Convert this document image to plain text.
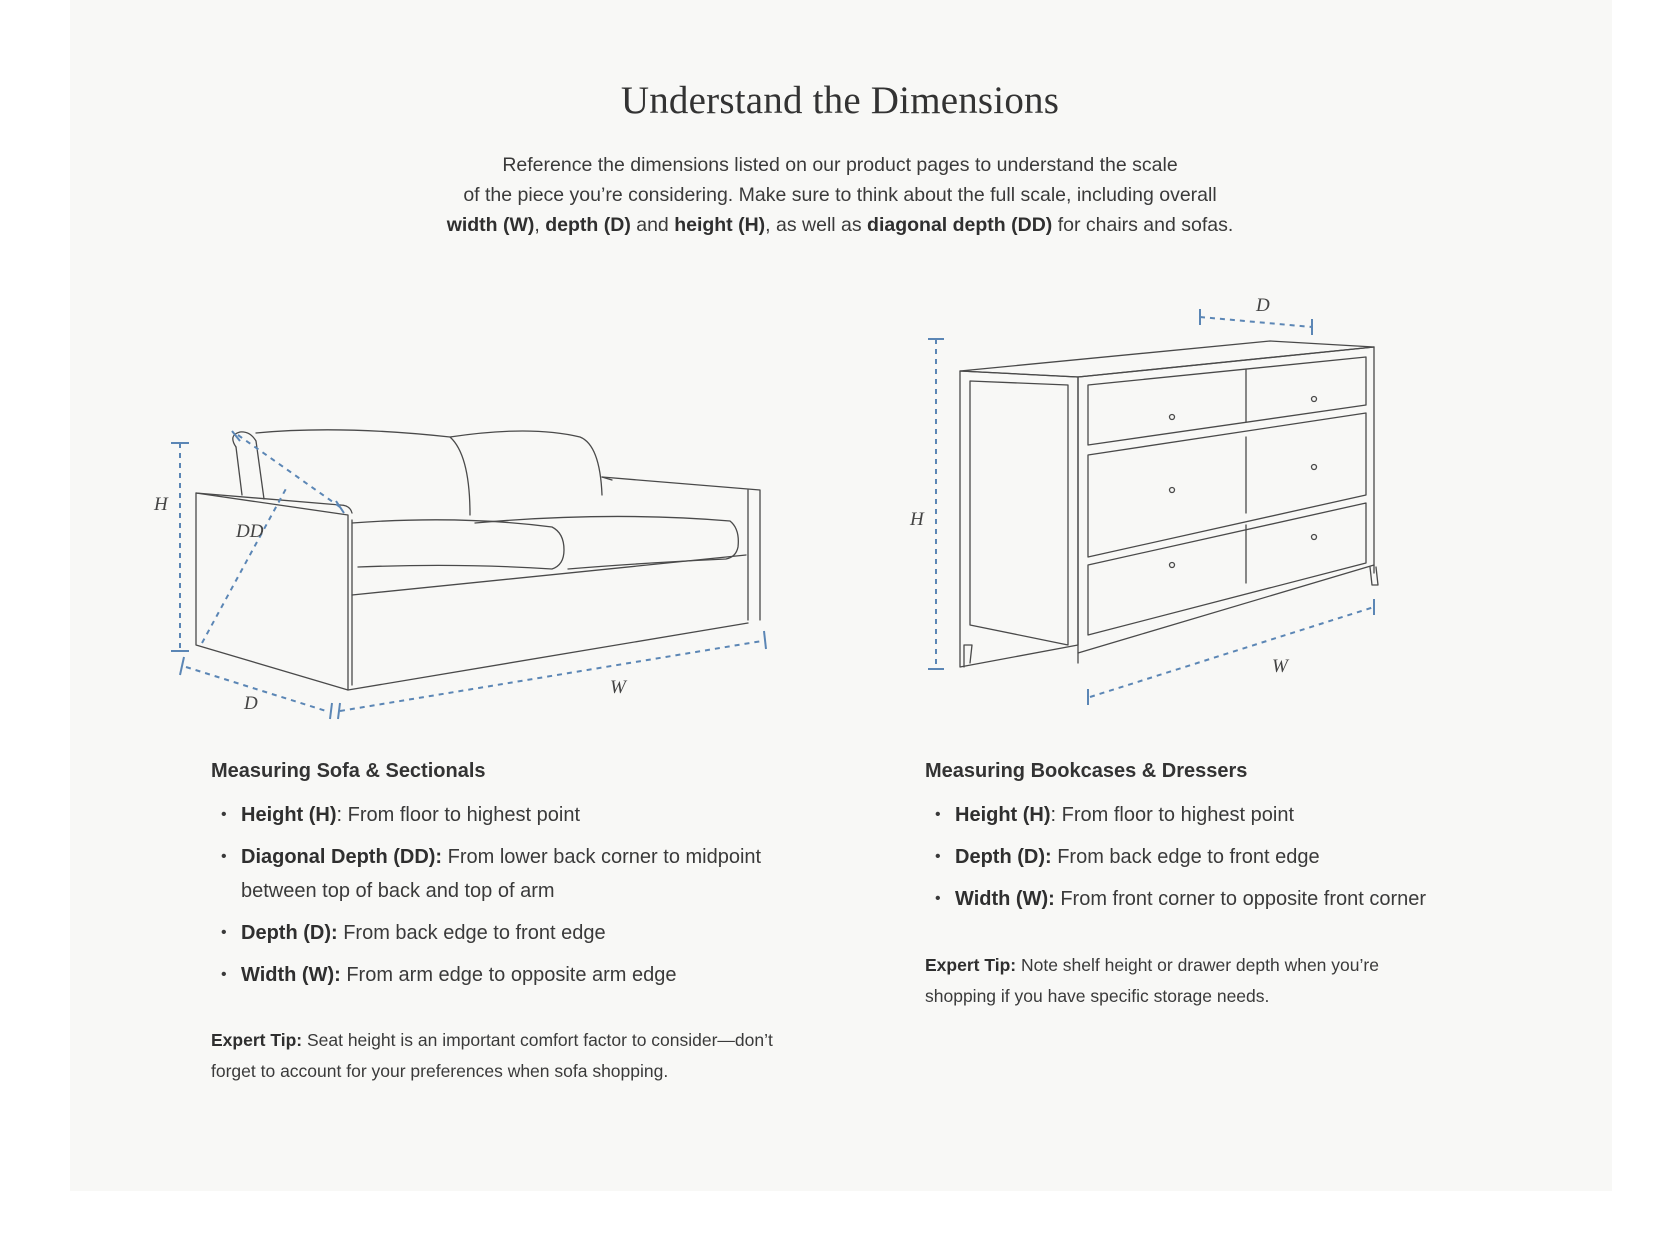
Understand the Dimensions
Reference the dimensions listed on our product pages to understand the scale
of the piece you’re considering. Make sure to think about the full scale, including overall
width (W), depth (D) and height (H), as well as diagonal depth (DD) for chairs and sofas.
H
DD
D
W
H
D
W
Measuring Sofa & Sectionals
• Height (H): From floor to highest point
• Diagonal Depth (DD): From lower back corner to midpoint between top of back and top of arm
• Depth (D): From back edge to front edge
• Width (W): From arm edge to opposite arm edge
Expert Tip: Seat height is an important comfort factor to consider—don’t forget to account for your preferences when sofa shopping.
Measuring Bookcases & Dressers
• Height (H): From floor to highest point
• Depth (D): From back edge to front edge
• Width (W): From front corner to opposite front corner
Expert Tip: Note shelf height or drawer depth when you’re shopping if you have specific storage needs.
